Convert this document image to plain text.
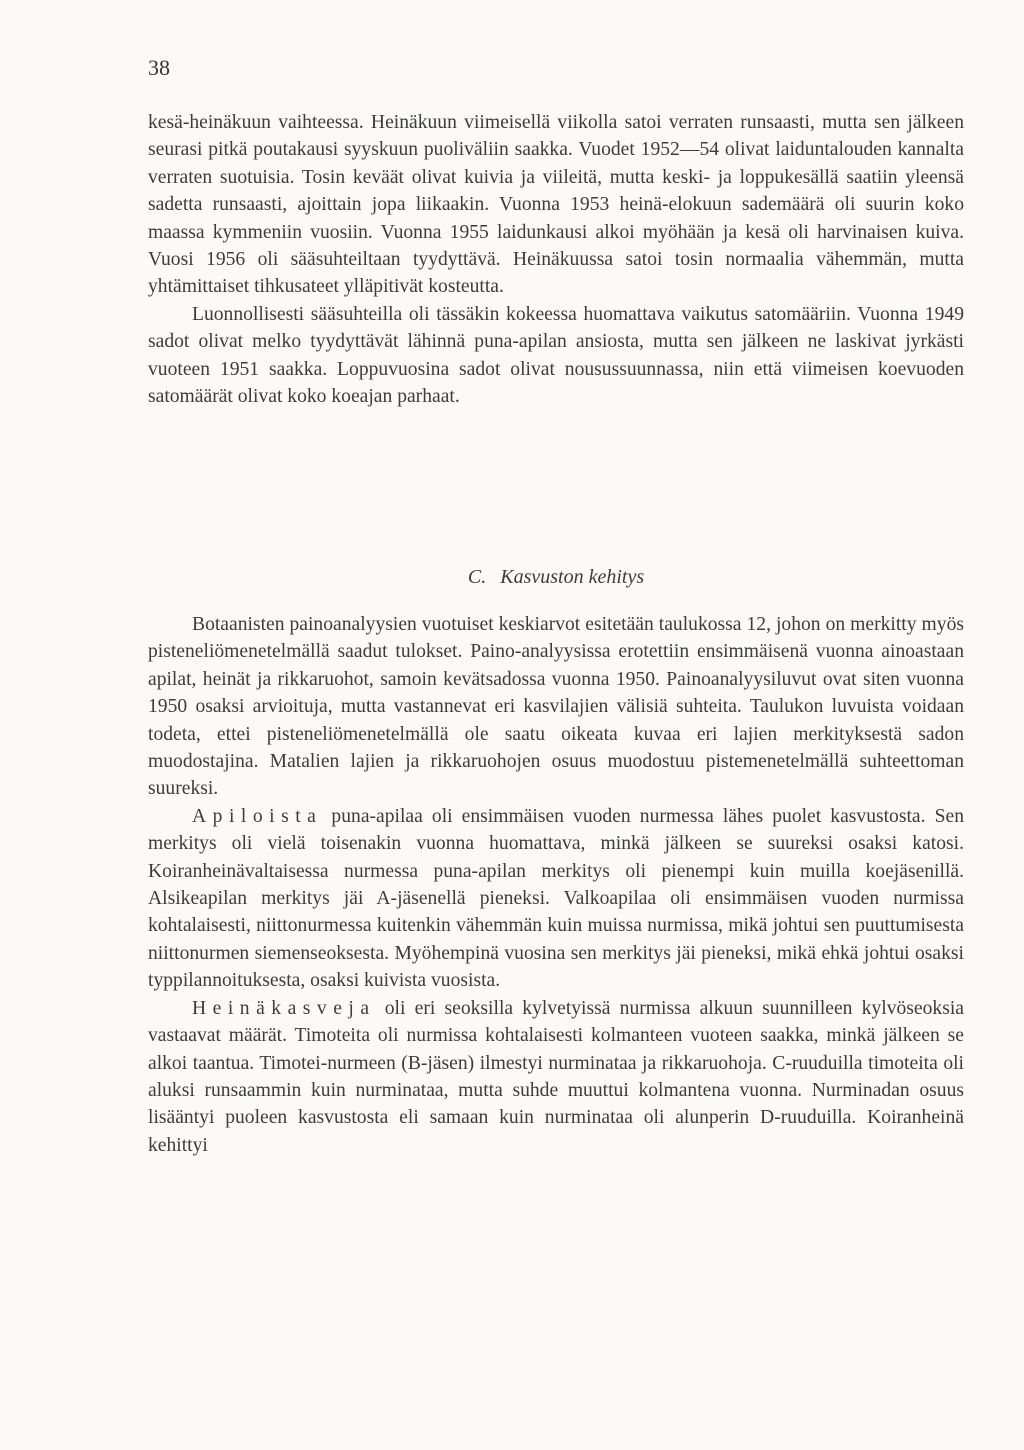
38

kesä-heinäkuun vaihteessa. Heinäkuun viimeisellä viikolla satoi verraten runsaasti, mutta sen jälkeen seurasi pitkä poutakausi syyskuun puoliväliin saakka. Vuodet 1952—54 olivat laiduntalouden kannalta verraten suotuisia. Tosin keväät olivat kuivia ja viileitä, mutta keski- ja loppukesällä saatiin yleensä sadetta runsaasti, ajoittain jopa liikaakin. Vuonna 1953 heinä-elokuun sademäärä oli suurin koko maassa kymmeniin vuosiin. Vuonna 1955 laidunkausi alkoi myöhään ja kesä oli harvinaisen kuiva. Vuosi 1956 oli sääsuhteiltaan tyydyttävä. Heinäkuussa satoi tosin normaalia vähemmän, mutta yhtämittaiset tihkusateet ylläpitivät kosteutta.

Luonnollisesti sääsuhteilla oli tässäkin kokeessa huomattava vaikutus satomääriin. Vuonna 1949 sadot olivat melko tyydyttävät lähinnä puna-apilan ansiosta, mutta sen jälkeen ne laskivat jyrkästi vuoteen 1951 saakka. Loppuvuosina sadot olivat nousussuunnassa, niin että viimeisen koevuoden satomäärät olivat koko koeajan parhaat.

C. Kasvuston kehitys

Botaanisten painoanalyysien vuotuiset keskiarvot esitetään taulukossa 12, johon on merkitty myös pisteneliömenetelmällä saadut tulokset. Paino-analyysissa erotettiin ensimmäisenä vuonna ainoastaan apilat, heinät ja rikkaruohot, samoin kevätsadossa vuonna 1950. Painoanalyysiluvut ovat siten vuonna 1950 osaksi arvioituja, mutta vastannevat eri kasvilajien välisiä suhteita. Taulukon luvuista voidaan todeta, ettei pisteneliömenetelmällä ole saatu oikeata kuvaa eri lajien merkityksestä sadon muodostajina. Matalien lajien ja rikkaruohojen osuus muodostuu pistemenetelmällä suhteettoman suureksi.

Apiloista puna-apilaa oli ensimmäisen vuoden nurmessa lähes puolet kasvustosta. Sen merkitys oli vielä toisenakin vuonna huomattava, minkä jälkeen se suureksi osaksi katosi. Koiranheinävaltaisessa nurmessa puna-apilan merkitys oli pienempi kuin muilla koejäsenillä. Alsikeapilan merkitys jäi A-jäsenellä pieneksi. Valkoapilaa oli ensimmäisen vuoden nurmissa kohtalaisesti, niittonurmessa kuitenkin vähemmän kuin muissa nurmissa, mikä johtui sen puuttumisesta niittonurmen siemenseoksesta. Myöhempinä vuosina sen merkitys jäi pieneksi, mikä ehkä johtui osaksi typpilannoituksesta, osaksi kuivista vuosista.

Heinäkasveja oli eri seoksilla kylvetyissä nurmissa alkuun suunnilleen kylvöseoksia vastaavat määrät. Timoteita oli nurmissa kohtalaisesti kolmanteen vuoteen saakka, minkä jälkeen se alkoi taantua. Timotei-nurmeen (B-jäsen) ilmestyi nurminataa ja rikkaruohoja. C-ruuduilla timoteita oli aluksi runsaammin kuin nurminataa, mutta suhde muuttui kolmantena vuonna. Nurminadan osuus lisääntyi puoleen kasvustosta eli samaan kuin nurminataa oli alunperin D-ruuduilla. Koiranheinä kehittyi
